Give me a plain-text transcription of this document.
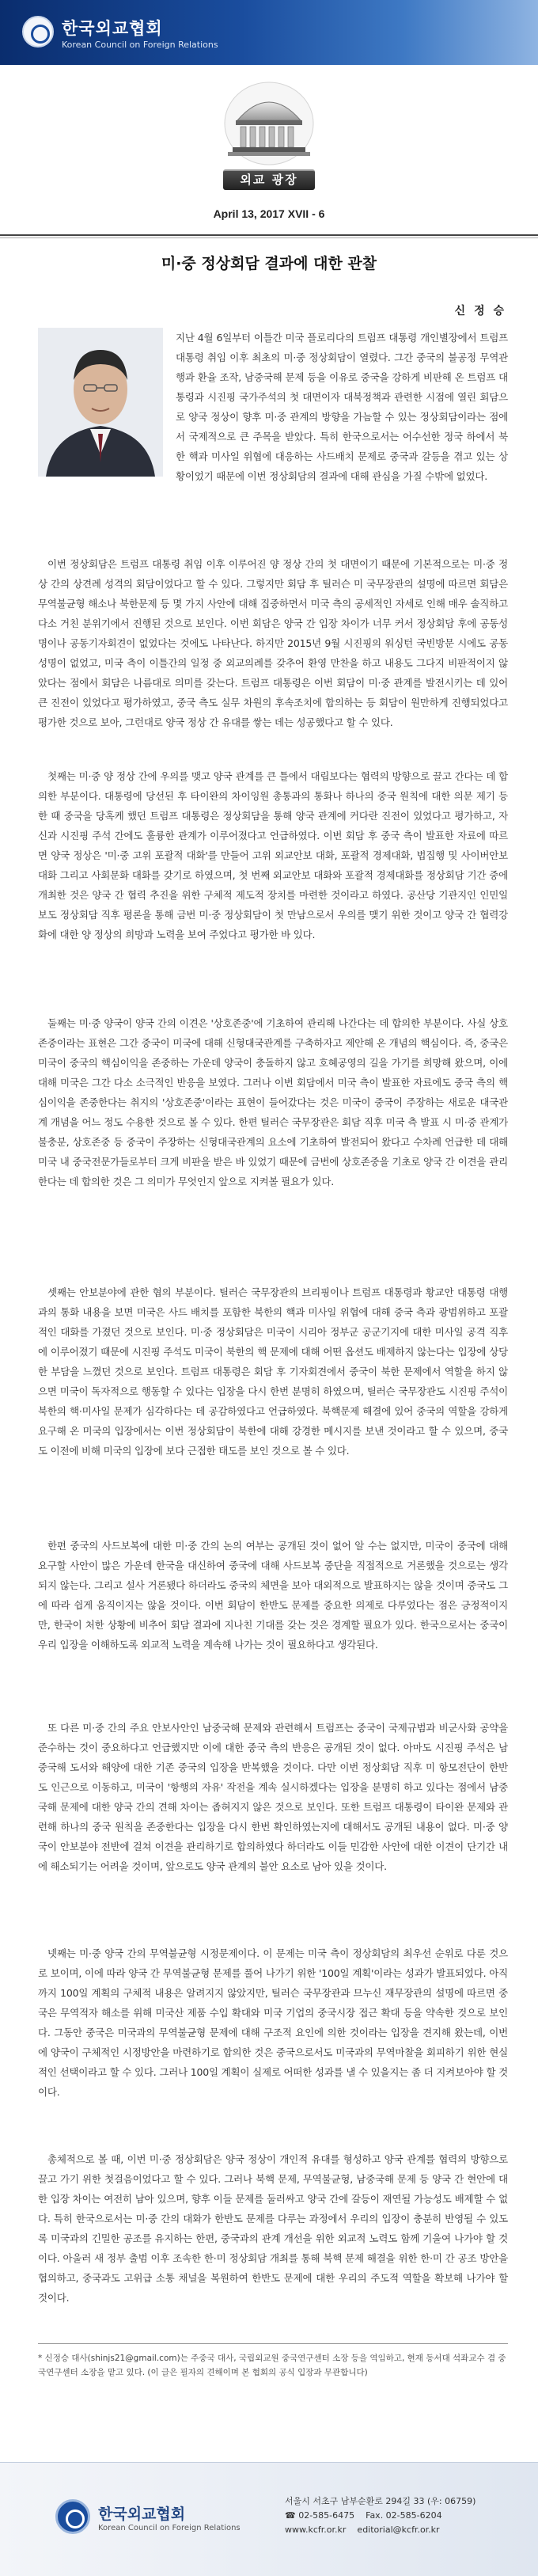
한국외교협회
Korean Council on Foreign Relations
외교 광장
April 13, 2017 XVII - 6
미·중 정상회담 결과에 대한 관찰
신 정 승
지난 4월 6일부터 이틀간 미국 플로리다의 트럼프 대통령 개인별장에서 트럼프 대통령 취임 이후 최초의 미·중 정상회담이 열렸다. 그간 중국의 불공정 무역관행과 환율 조작, 남중국해 문제 등을 이유로 중국을 강하게 비판해 온 트럼프 대통령과 시진핑 국가주석의 첫 대면이자 대북정책과 관련한 시점에 열린 회담으로 양국 정상이 향후 미·중 관계의 방향을 가늠할 수 있는 정상회담이라는 점에서 국제적으로 큰 주목을 받았다. 특히 한국으로서는 어수선한 정국 하에서 북한 핵과 미사일 위협에 대응하는 사드배치 문제로 중국과 갈등을 겪고 있는 상황이었기 때문에 이번 정상회담의 결과에 대해 관심을 가질 수밖에 없었다.
이번 정상회담은 트럼프 대통령 취임 이후 이루어진 양 정상 간의 첫 대면이기 때문에 기본적으로는 미·중 정상 간의 상견례 성격의 회담이었다고 할 수 있다. 그렇지만 회담 후 틸러슨 미 국무장관의 설명에 따르면 회담은 무역불균형 해소나 북한문제 등 몇 가지 사안에 대해 집중하면서 미국 측의 공세적인 자세로 인해 매우 솔직하고 다소 거친 분위기에서 진행된 것으로 보인다. 이번 회담은 양국 간 입장 차이가 너무 커서 정상회담 후에 공동성명이나 공동기자회견이 없었다는 것에도 나타난다. 하지만 2015년 9월 시진핑의 워싱턴 국빈방문 시에도 공동성명이 없었고, 미국 측이 이틀간의 일정 중 외교의례를 갖추어 환영 만찬을 하고 내용도 그다지 비판적이지 않았다는 점에서 회담은 나름대로 의미를 갖는다. 트럼프 대통령은 이번 회담이 미·중 관계를 발전시키는 데 있어 큰 진전이 있었다고 평가하였고, 중국 측도 실무 차원의 후속조치에 합의하는 등 회담이 원만하게 진행되었다고 평가한 것으로 보아, 그런대로 양국 정상 간 유대를 쌓는 데는 성공했다고 할 수 있다.
첫째는 미·중 양 정상 간에 우의를 맺고 양국 관계를 큰 틀에서 대립보다는 협력의 방향으로 끌고 간다는 데 합의한 부분이다. 대통령에 당선된 후 타이완의 차이잉원 총통과의 통화나 하나의 중국 원칙에 대한 의문 제기 등 한 때 중국을 당혹케 했던 트럼프 대통령은 정상회담을 통해 양국 관계에 커다란 진전이 있었다고 평가하고, 자신과 시진핑 주석 간에도 훌륭한 관계가 이루어졌다고 언급하였다. 이번 회담 후 중국 측이 발표한 자료에 따르면 양국 정상은 '미·중 고위 포괄적 대화'를 만들어 고위 외교안보 대화, 포괄적 경제대화, 법집행 및 사이버안보 대화 그리고 사회문화 대화를 갖기로 하였으며, 첫 번째 외교안보 대화와 포괄적 경제대화를 정상회담 기간 중에 개최한 것은 양국 간 협력 추진을 위한 구체적 제도적 장치를 마련한 것이라고 하였다. 공산당 기관지인 인민일보도 정상회담 직후 평론을 통해 금번 미·중 정상회담이 첫 만남으로서 우의를 맺기 위한 것이고 양국 간 협력강화에 대한 양 정상의 희망과 노력을 보여 주었다고 평가한 바 있다.
둘째는 미·중 양국이 양국 간의 이견은 '상호존중'에 기초하여 관리해 나간다는 데 합의한 부분이다. 사실 상호존중이라는 표현은 그간 중국이 미국에 대해 신형대국관계를 구축하자고 제안해 온 개념의 핵심이다. 즉, 중국은 미국이 중국의 핵심이익을 존중하는 가운데 양국이 충돌하지 않고 호혜공영의 길을 가기를 희망해 왔으며, 이에 대해 미국은 그간 다소 소극적인 반응을 보였다. 그러나 이번 회담에서 미국 측이 발표한 자료에도 중국 측의 핵심이익을 존중한다는 취지의 '상호존중'이라는 표현이 들어갔다는 것은 미국이 중국이 주장하는 새로운 대국관계 개념을 어느 정도 수용한 것으로 볼 수 있다. 한편 틸러슨 국무장관은 회담 직후 미국 측 발표 시 미·중 관계가 불충분, 상호존중 등 중국이 주장하는 신형대국관계의 요소에 기초하여 발전되어 왔다고 수차례 언급한 데 대해 미국 내 중국전문가들로부터 크게 비판을 받은 바 있었기 때문에 금번에 상호존중을 기초로 양국 간 이견을 관리한다는 데 합의한 것은 그 의미가 무엇인지 앞으로 지켜볼 필요가 있다.
셋째는 안보분야에 관한 협의 부분이다. 틸러슨 국무장관의 브리핑이나 트럼프 대통령과 황교안 대통령 대행과의 통화 내용을 보면 미국은 사드 배치를 포함한 북한의 핵과 미사일 위협에 대해 중국 측과 광범위하고 포괄적인 대화를 가졌던 것으로 보인다. 미·중 정상회담은 미국이 시리아 정부군 공군기지에 대한 미사일 공격 직후에 이루어졌기 때문에 시진핑 주석도 미국이 북한의 핵 문제에 대해 어떤 옵션도 배제하지 않는다는 입장에 상당한 부담을 느꼈던 것으로 보인다. 트럼프 대통령은 회담 후 기자회견에서 중국이 북한 문제에서 역할을 하지 않으면 미국이 독자적으로 행동할 수 있다는 입장을 다시 한번 분명히 하였으며, 틸러슨 국무장관도 시진핑 주석이 북한의 핵·미사일 문제가 심각하다는 데 공감하였다고 언급하였다. 북핵문제 해결에 있어 중국의 역할을 강하게 요구해 온 미국의 입장에서는 이번 정상회담이 북한에 대해 강경한 메시지를 보낸 것이라고 할 수 있으며, 중국도 이전에 비해 미국의 입장에 보다 근접한 태도를 보인 것으로 볼 수 있다.
한편 중국의 사드보복에 대한 미·중 간의 논의 여부는 공개된 것이 없어 알 수는 없지만, 미국이 중국에 대해 요구할 사안이 많은 가운데 한국을 대신하여 중국에 대해 사드보복 중단을 직접적으로 거론했을 것으로는 생각되지 않는다. 그리고 설사 거론됐다 하더라도 중국의 체면을 보아 대외적으로 발표하지는 않을 것이며 중국도 그에 따라 쉽게 움직이지는 않을 것이다. 이번 회담이 한반도 문제를 중요한 의제로 다루었다는 점은 긍정적이지만, 한국이 처한 상황에 비추어 회담 결과에 지나친 기대를 갖는 것은 경계할 필요가 있다. 한국으로서는 중국이 우리 입장을 이해하도록 외교적 노력을 계속해 나가는 것이 필요하다고 생각된다.
또 다른 미·중 간의 주요 안보사안인 남중국해 문제와 관련해서 트럼프는 중국이 국제규범과 비군사화 공약을 준수하는 것이 중요하다고 언급했지만 이에 대한 중국 측의 반응은 공개된 것이 없다. 아마도 시진핑 주석은 남중국해 도서와 해양에 대한 기존 중국의 입장을 반복했을 것이다. 다만 이번 정상회담 직후 미 항모전단이 한반도 인근으로 이동하고, 미국이 '항행의 자유' 작전을 계속 실시하겠다는 입장을 분명히 하고 있다는 점에서 남중국해 문제에 대한 양국 간의 견해 차이는 좁혀지지 않은 것으로 보인다. 또한 트럼프 대통령이 타이완 문제와 관련해 하나의 중국 원칙을 존중한다는 입장을 다시 한번 확인하였는지에 대해서도 공개된 내용이 없다. 미·중 양국이 안보분야 전반에 걸쳐 이견을 관리하기로 합의하였다 하더라도 이들 민감한 사안에 대한 이견이 단기간 내에 해소되기는 어려울 것이며, 앞으로도 양국 관계의 불안 요소로 남아 있을 것이다.
넷째는 미·중 양국 간의 무역불균형 시정문제이다. 이 문제는 미국 측이 정상회담의 최우선 순위로 다룬 것으로 보이며, 이에 따라 양국 간 무역불균형 문제를 풀어 나가기 위한 '100일 계획'이라는 성과가 발표되었다. 아직까지 100일 계획의 구체적 내용은 알려지지 않았지만, 틸러슨 국무장관과 므누신 재무장관의 설명에 따르면 중국은 무역적자 해소를 위해 미국산 제품 수입 확대와 미국 기업의 중국시장 접근 확대 등을 약속한 것으로 보인다. 그동안 중국은 미국과의 무역불균형 문제에 대해 구조적 요인에 의한 것이라는 입장을 견지해 왔는데, 이번에 양국이 구체적인 시정방안을 마련하기로 합의한 것은 중국으로서도 미국과의 무역마찰을 회피하기 위한 현실적인 선택이라고 할 수 있다. 그러나 100일 계획이 실제로 어떠한 성과를 낼 수 있을지는 좀 더 지켜보아야 할 것이다.
총체적으로 볼 때, 이번 미·중 정상회담은 양국 정상이 개인적 유대를 형성하고 양국 관계를 협력의 방향으로 끌고 가기 위한 첫걸음이었다고 할 수 있다. 그러나 북핵 문제, 무역불균형, 남중국해 문제 등 양국 간 현안에 대한 입장 차이는 여전히 남아 있으며, 향후 이들 문제를 둘러싸고 양국 간에 갈등이 재연될 가능성도 배제할 수 없다. 특히 한국으로서는 미·중 간의 대화가 한반도 문제를 다루는 과정에서 우리의 입장이 충분히 반영될 수 있도록 미국과의 긴밀한 공조를 유지하는 한편, 중국과의 관계 개선을 위한 외교적 노력도 함께 기울여 나가야 할 것이다. 아울러 새 정부 출범 이후 조속한 한·미 정상회담 개최를 통해 북핵 문제 해결을 위한 한·미 간 공조 방안을 협의하고, 중국과도 고위급 소통 채널을 복원하여 한반도 문제에 대한 우리의 주도적 역할을 확보해 나가야 할 것이다.
* 신정승 대사(shinjs21@gmail.com)는 주중국 대사, 국립외교원 중국연구센터 소장 등을 역임하고, 현재 동서대 석좌교수 겸 중국연구센터 소장을 맡고 있다. (이 글은 필자의 견해이며 본 협회의 공식 입장과 무관합니다)
한국외교협회
Korean Council on Foreign Relations
서울시 서초구 남부순환로 294길 33 (우: 06759)
☎ 02-585-6475 Fax. 02-585-6204
www.kcfr.or.kr editorial@kcfr.or.kr
